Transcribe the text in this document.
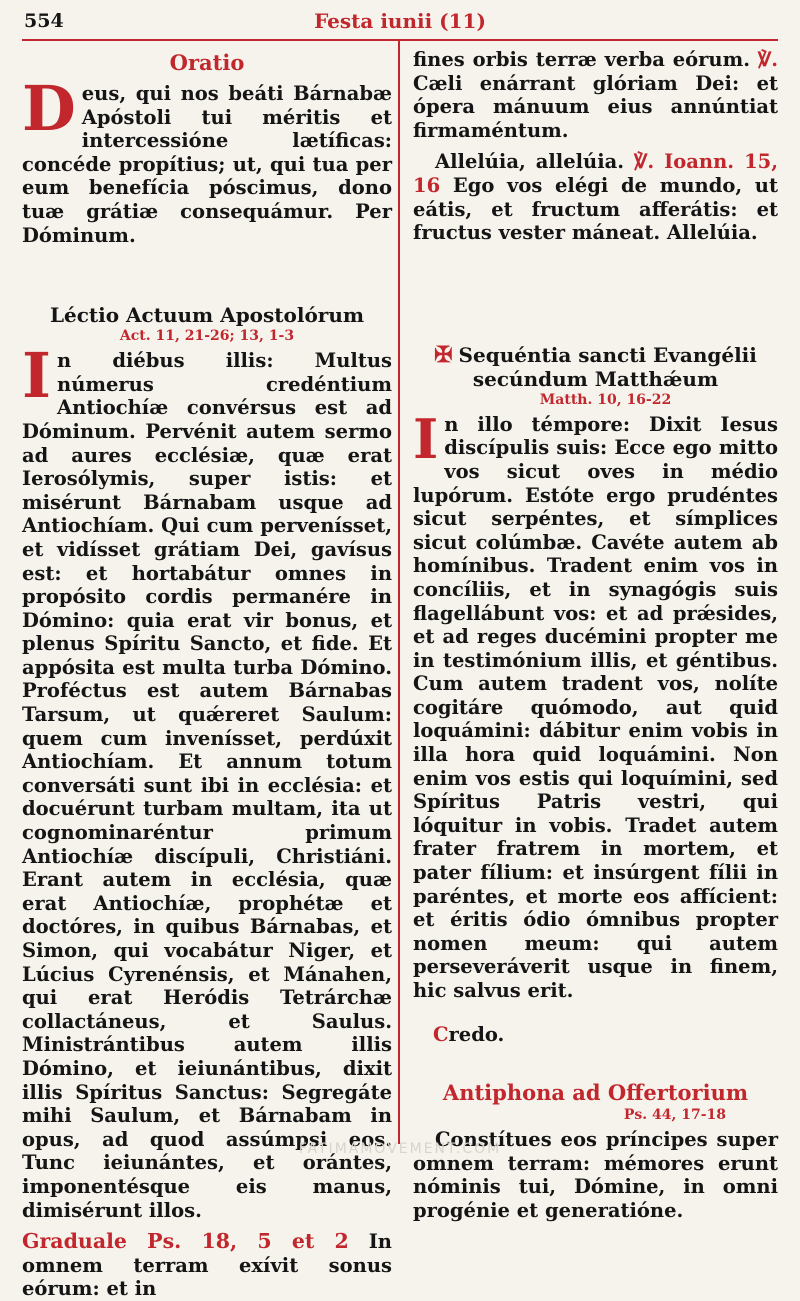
554	Festa iunii (11)
Oratio

Deus, qui nos beáti Bárnabæ Apóstoli tui méritis et intercessióne lætíficas: concéde propítius; ut, qui tua per eum benefícia póscimus, dono tuæ grátiæ consequámur. Per Dóminum.

Léctio Actuum Apostolórum
Act. 11, 21-26; 13, 1-3

In diébus illis: Multus númerus credéntium Antiochíæ convérsus est ad Dóminum. Pervénit autem sermo ad aures ecclésiæ, quæ erat Ierosólymis, super istis: et misérunt Bárnabam usque ad Antiochíam. Qui cum pervenísset, et vidísset grátiam Dei, gavísus est: et hortabátur omnes in propósito cordis permanére in Dómino: quia erat vir bonus, et plenus Spíritu Sancto, et fide. Et appósita est multa turba Dómino. Proféctus est autem Bárnabas Tarsum, ut quǽreret Saulum: quem cum invenísset, perdúxit Antiochíam. Et annum totum conversáti sunt ibi in ecclésia: et docuérunt turbam multam, ita ut cognominaréntur primum Antiochíæ discípuli, Christiáni. Erant autem in ecclésia, quæ erat Antiochíæ, prophétæ et doctóres, in quibus Bárnabas, et Simon, qui vocabátur Niger, et Lúcius Cyrenénsis, et Mánahen, qui erat Heródis Tetrárchæ collactáneus, et Saulus. Ministrántibus autem illis Dómino, et ieiunántibus, dixit illis Spíritus Sanctus: Segregáte mihi Saulum, et Bárnabam in opus, ad quod assúmpsi eos. Tunc ieiunántes, et orántes, imponentésque eis manus, dimisérunt illos.

Graduale Ps. 18, 5 et 2 In omnem terram exívit sonus eórum: et in

fines orbis terræ verba eórum. ℣. Cæli enárrant glóriam Dei: et ópera mánuum eius annúntiat firmaméntum.

Allelúia, allelúia. ℣. Ioann. 15, 16 Ego vos elégi de mundo, ut eátis, et fructum afferátis: et fructus vester máneat. Allelúia.

✠ Sequéntia sancti Evangélii secúndum Matthǽum
Matth. 10, 16-22

In illo témpore: Dixit Iesus discípulis suis: Ecce ego mitto vos sicut oves in médio lupórum. Estóte ergo prudéntes sicut serpéntes, et símplices sicut colúmbæ. Cavéte autem ab homínibus. Tradent enim vos in concíliis, et in synagógis suis flagellábunt vos: et ad prǽsides, et ad reges ducémini propter me in testimónium illis, et géntibus. Cum autem tradent vos, nolíte cogitáre quómodo, aut quid loquámini: dábitur enim vobis in illa hora quid loquámini. Non enim vos estis qui loquímini, sed Spíritus Patris vestri, qui lóquitur in vobis. Tradet autem frater fratrem in mortem, et pater fílium: et insúrgent fílii in paréntes, et morte eos affícient: et éritis ódio ómnibus propter nomen meum: qui autem perseveráverit usque in finem, hic salvus erit.

Credo.

Antiphona ad Offertorium
Ps. 44, 17-18

Constítues eos príncipes super omnem terram: mémores erunt nóminis tui, Dómine, in omni progénie et generatióne.

FATIMAMOVEMENT.COM
